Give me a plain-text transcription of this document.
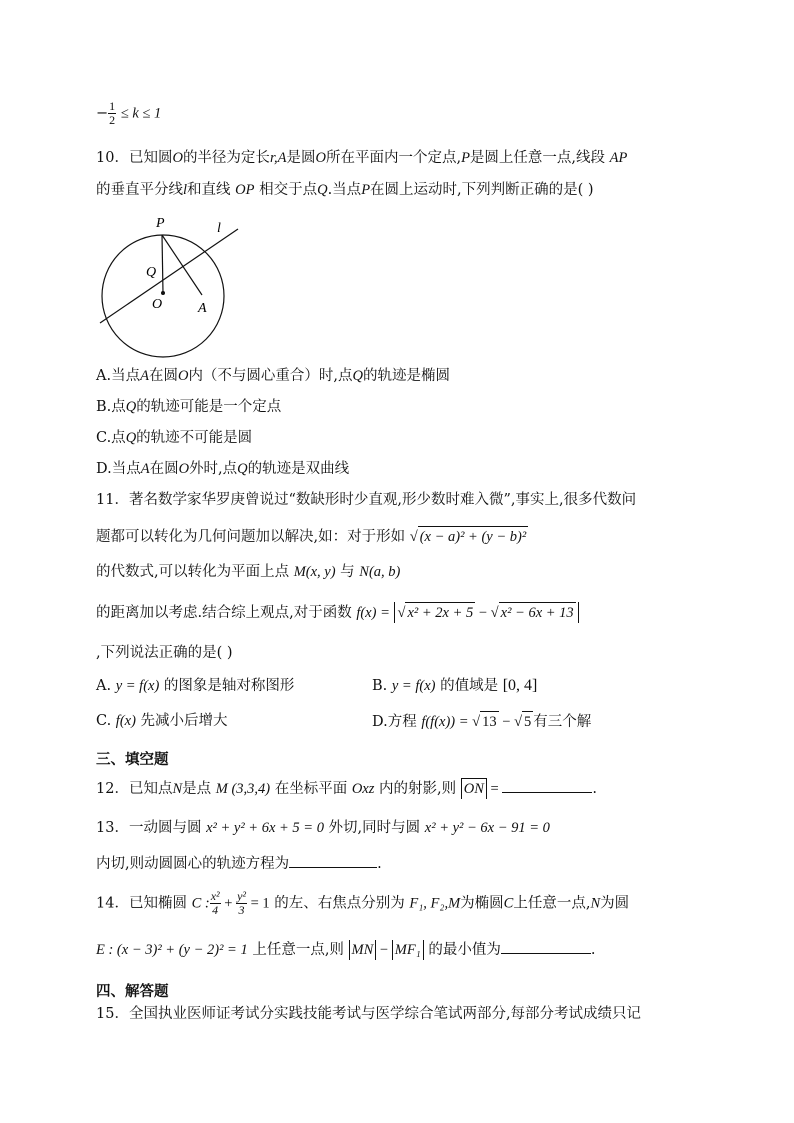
− $\frac{1}{2} \le k \le 1$
10．已知圆O的半径为定长r,A是圆O所在平面内一个定点,P是圆上任意一点,线段 AP
的垂直平分线l和直线 OP 相交于点Q.当点P在圆上运动时,下列判断正确的是( )
P	l
Q
O	A
A.当点A在圆O内（不与圆心重合）时,点Q的轨迹是椭圆
B.点Q的轨迹可能是一个定点
C.点Q的轨迹不可能是圆
D.当点A在圆O外时,点Q的轨迹是双曲线
11．著名数学家华罗庚曾说过“数缺形时少直观,形少数时难入微”,事实上,很多代数问
题都可以转化为几何问题加以解决,如：对于形如 √ (x − a)² + (y − b)²
的代数式,可以转化为平面上点 M(x, y) 与 N(a, b)
的距离加以考虑.结合综上观点,对于函数 f(x) = √ x² + 2x + 5 − √ x² − 6x + 13
,下列说法正确的是( )
A. y = f(x) 的图象是轴对称图形	B. y = f(x) 的值域是 [0, 4]
C. f(x) 先减小后增大	D.方程 f(f(x)) = √ 13 − √ 5 有三个解
三、填空题
12．已知点N是点 M (3,3,4) 在坐标平面 Oxz 内的射影,则 ON =	.
13．一动圆与圆 x² + y² + 6x + 5 = 0 外切,同时与圆 x² + y² − 6x − 91 = 0
内切,则动圆圆心的轨迹方程为	.
14．已知椭圆 C : $\frac{\text{x²}}{4} + \frac{\text{y²}}{3} = 1$ 的左、右焦点分别为 F₁, F₂,M为椭圆C上任意一点,N为圆
E : (x − 3)² + (y − 2)² = 1 上任意一点,则 MN − MF₁ 的最小值为	.
四、解答题
15．全国执业医师证考试分实践技能考试与医学综合笔试两部分,每部分考试成绩只记
